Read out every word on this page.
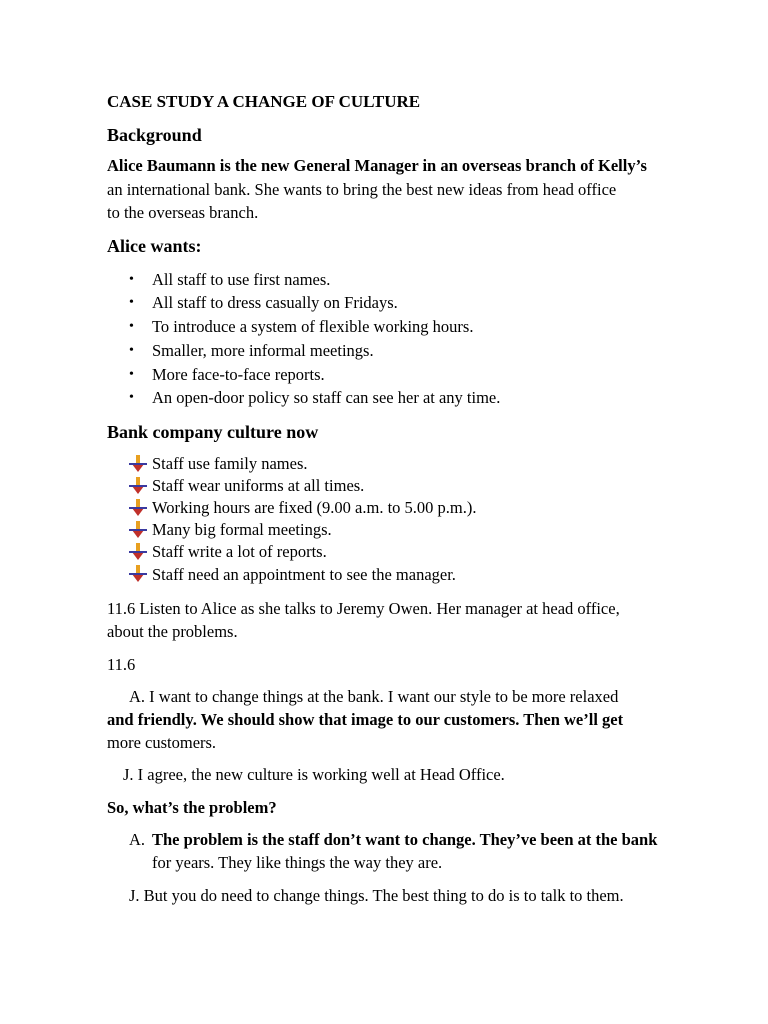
CASE STUDY A CHANGE OF CULTURE
Background
Alice Baumann is the new General Manager in an overseas branch of Kelly’s
an international bank. She wants to bring the best new ideas from head office
to the overseas branch.
Alice wants:
• All staff to use first names.
• All staff to dress casually on Fridays.
• To introduce a system of flexible working hours.
• Smaller, more informal meetings.
• More face-to-face reports.
• An open-door policy so staff can see her at any time.
Bank company culture now
Staff use family names.
Staff wear uniforms at all times.
Working hours are fixed (9.00 a.m. to 5.00 p.m.).
Many big formal meetings.
Staff write a lot of reports.
Staff need an appointment to see the manager.
11.6 Listen to Alice as she talks to Jeremy Owen. Her manager at head office,
about the problems.
11.6
A. I want to change things at the bank. I want our style to be more relaxed
and friendly. We should show that image to our customers. Then we’ll get
more customers.
J. I agree, the new culture is working well at Head Office.
So, what’s the problem?
A. The problem is the staff don’t want to change. They’ve been at the bank
for years. They like things the way they are.
J. But you do need to change things. The best thing to do is to talk to them.
